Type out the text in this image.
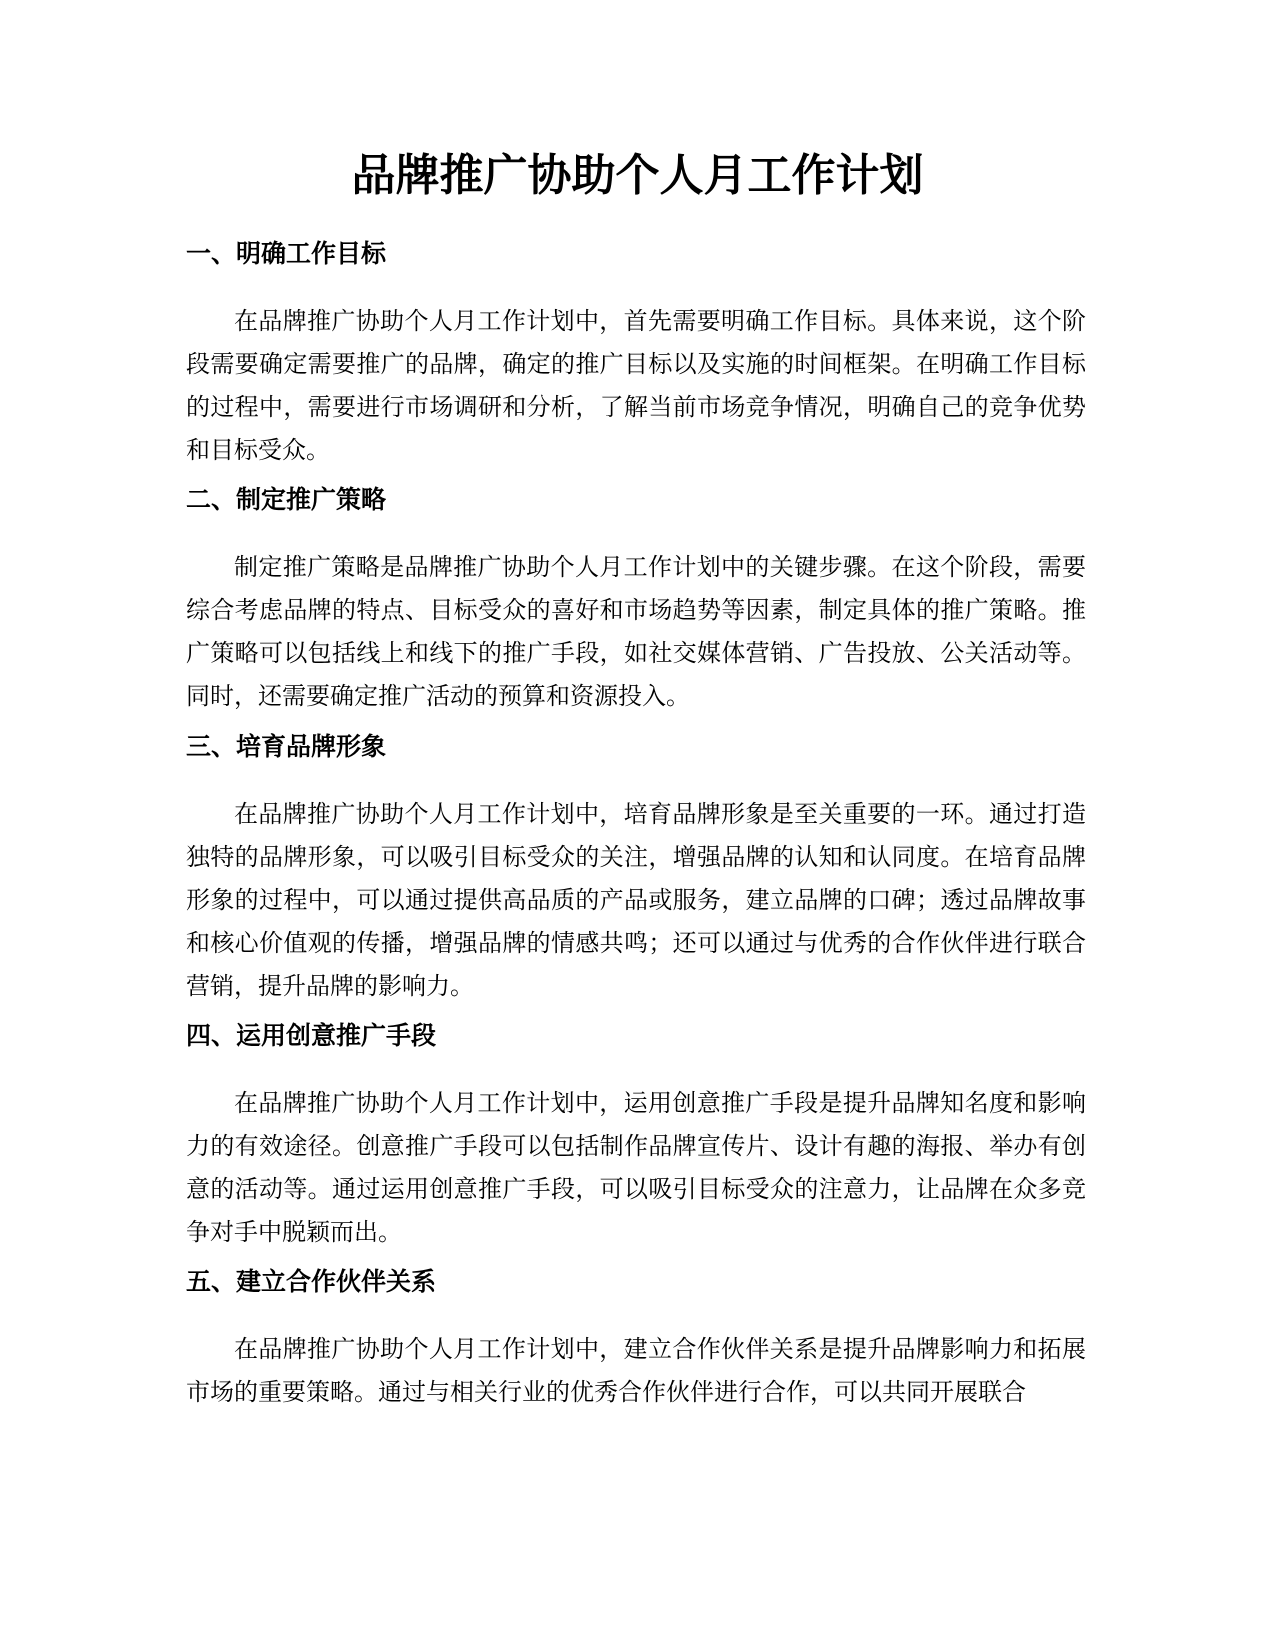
品牌推广协助个人月工作计划
一、明确工作目标

在品牌推广协助个人月工作计划中，首先需要明确工作目标。具体来说，这个阶段需要确定需要推广的品牌，确定的推广目标以及实施的时间框架。在明确工作目标的过程中，需要进行市场调研和分析，了解当前市场竞争情况，明确自己的竞争优势和目标受众。

二、制定推广策略

制定推广策略是品牌推广协助个人月工作计划中的关键步骤。在这个阶段，需要综合考虑品牌的特点、目标受众的喜好和市场趋势等因素，制定具体的推广策略。推广策略可以包括线上和线下的推广手段，如社交媒体营销、广告投放、公关活动等。同时，还需要确定推广活动的预算和资源投入。

三、培育品牌形象

在品牌推广协助个人月工作计划中，培育品牌形象是至关重要的一环。通过打造独特的品牌形象，可以吸引目标受众的关注，增强品牌的认知和认同度。在培育品牌形象的过程中，可以通过提供高品质的产品或服务，建立品牌的口碑；透过品牌故事和核心价值观的传播，增强品牌的情感共鸣；还可以通过与优秀的合作伙伴进行联合营销，提升品牌的影响力。

四、运用创意推广手段

在品牌推广协助个人月工作计划中，运用创意推广手段是提升品牌知名度和影响力的有效途径。创意推广手段可以包括制作品牌宣传片、设计有趣的海报、举办有创意的活动等。通过运用创意推广手段，可以吸引目标受众的注意力，让品牌在众多竞争对手中脱颖而出。

五、建立合作伙伴关系

在品牌推广协助个人月工作计划中，建立合作伙伴关系是提升品牌影响力和拓展市场的重要策略。通过与相关行业的优秀合作伙伴进行合作，可以共同开展联合
